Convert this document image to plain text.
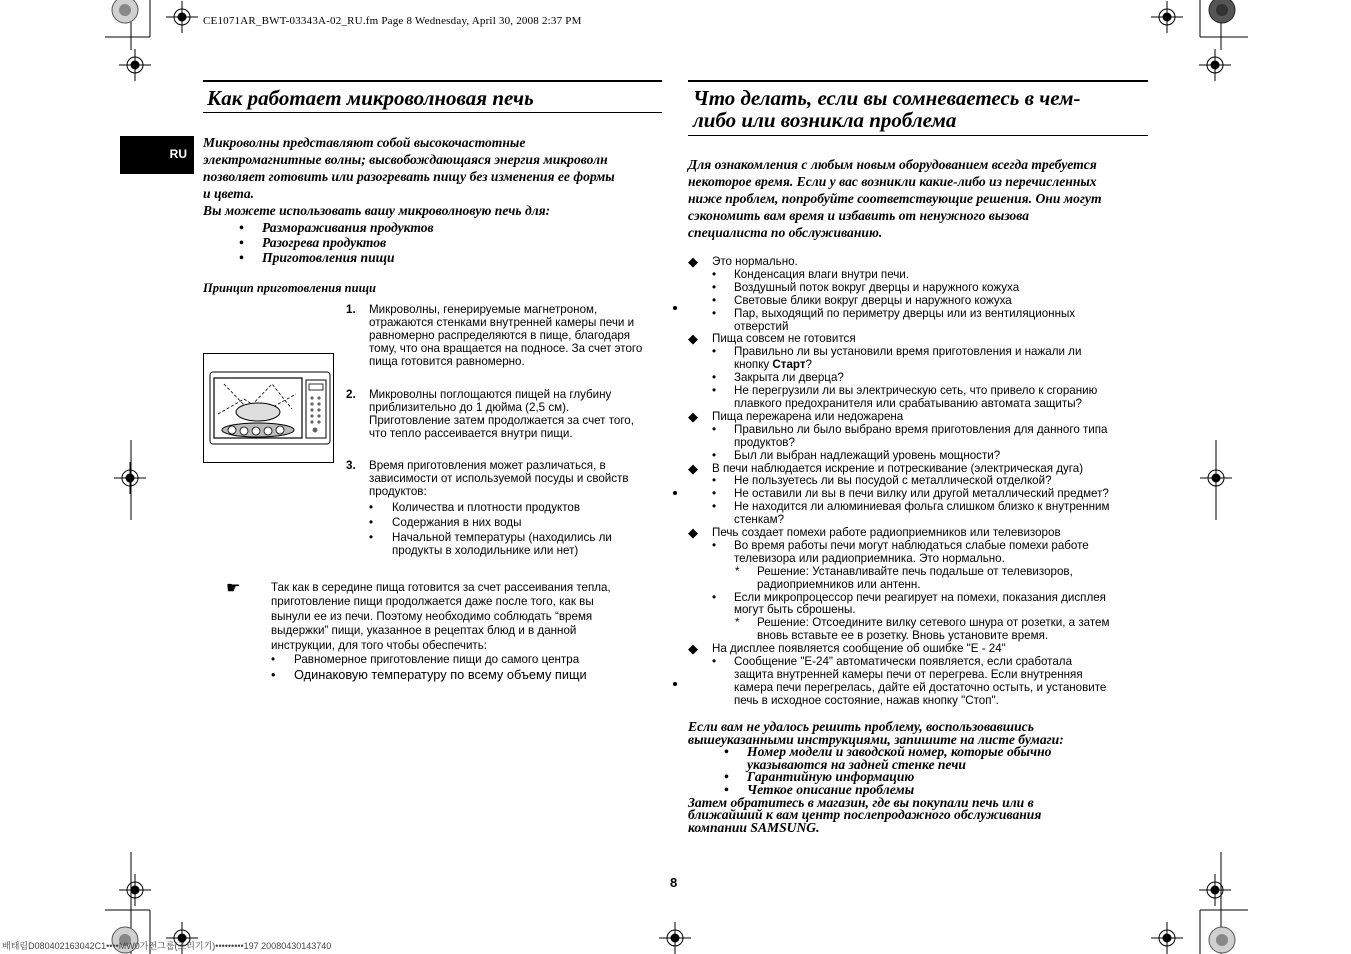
CE1071AR_BWT-03343A-02_RU.fm Page 8 Wednesday, April 30, 2008 2:37 PM
RU
Как работает микроволновая печь
Микроволны представляют собой высокочастотные
электромагнитные волны; высвобождающаяся энергия микроволн
позволяет готовить или разогревать пищу без изменения ее формы
и цвета.
Вы можете использовать вашу микроволновую печь для:
• Размораживания продуктов
• Разогрева продуктов
• Приготовления пищи
Принцип приготовления пищи
1. Микроволны, генерируемые магнетроном,
отражаются стенками внутренней камеры печи и
равномерно распределяются в пище, благодаря
тому, что она вращается на подносе. За счет этого
пища готовится равномерно.
2. Микроволны поглощаются пищей на глубину
приблизительно до 1 дюйма (2,5 см).
Приготовление затем продолжается за счет того,
что тепло рассеивается внутри пищи.
3. Время приготовления может различаться, в
зависимости от используемой посуды и свойств
продуктов:
• Количества и плотности продуктов
• Содержания в них воды
• Начальной температуры (находились ли
продукты в холодильнике или нет)
☛	Так как в середине пища готовится за счет рассеивания тепла,
приготовление пищи продолжается даже после того, как вы
вынули ее из печи. Поэтому необходимо соблюдать “время
выдержки” пищи, указанное в рецептах блюд и в данной
инструкции, для того чтобы обеспечить:
• Равномерное приготовление пищи до самого центра
• Одинаковую температуру по всему объему пищи
Что делать, если вы сомневаетесь в чем-
либо или возникла проблема
Для ознакомления с любым новым оборудованием всегда требуется
некоторое время. Если у вас возникли какие-либо из перечисленных
ниже проблем, попробуйте соответствующие решения. Они могут
сэкономить вам время и избавить от ненужного вызова
специалиста по обслуживанию.
◆ Это нормально.
• Конденсация влаги внутри печи.
• Воздушный поток вокруг дверцы и наружного кожуха
• Световые блики вокруг дверцы и наружного кожуха
• Пар, выходящий по периметру дверцы или из вентиляционных
отверстий
◆ Пища совсем не готовится
• Правильно ли вы установили время приготовления и нажали ли
кнопку Старт?
• Закрыта ли дверца?
• Не перегрузили ли вы электрическую сеть, что привело к сгоранию
плавкого предохранителя или срабатыванию автомата защиты?
◆ Пища пережарена или недожарена
• Правильно ли было выбрано время приготовления для данного типа
продуктов?
• Был ли выбран надлежащий уровень мощности?
◆ В печи наблюдается искрение и потрескивание (электрическая дуга)
• Не пользуетесь ли вы посудой с металлической отделкой?
• Не оставили ли вы в печи вилку или другой металлический предмет?
• Не находится ли алюминиевая фольга слишком близко к внутренним
стенкам?
◆ Печь создает помехи работе радиоприемников или телевизоров
• Во время работы печи могут наблюдаться слабые помехи работе
телевизора или радиоприемника. Это нормально.
* Решение: Устанавливайте печь подальше от телевизоров,
радиоприемников или антенн.
• Если микропроцессор печи реагирует на помехи, показания дисплея
могут быть сброшены.
* Решение: Отсоедините вилку сетевого шнура от розетки, а затем
вновь вставьте ее в розетку. Вновь установите время.
◆ На дисплее появляется сообщение об ошибке "E - 24"
• Сообщение "E-24" автоматически появляется, если сработала
защита внутренней камеры печи от перегрева. Если внутренняя
камера печи перегрелась, дайте ей достаточно остыть, и установите
печь в исходное состояние, нажав кнопку "Стоп".
Если вам не удалось решить проблему, воспользовавшись
вышеуказанными инструкциями, запишите на листе бумаги:
• Номер модели и заводской номер, которые обычно
указываются на задней стенке печи
• Гарантийную информацию
• Четкое описание проблемы
Затем обратитесь в магазин, где вы покупали печь или в
ближайший к вам центр послепродажного обслуживания
компании SAMSUNG.
8
배태림D080402163042C1••••MW0가전그룹(조리기기)•••••••••197 20080430143740
